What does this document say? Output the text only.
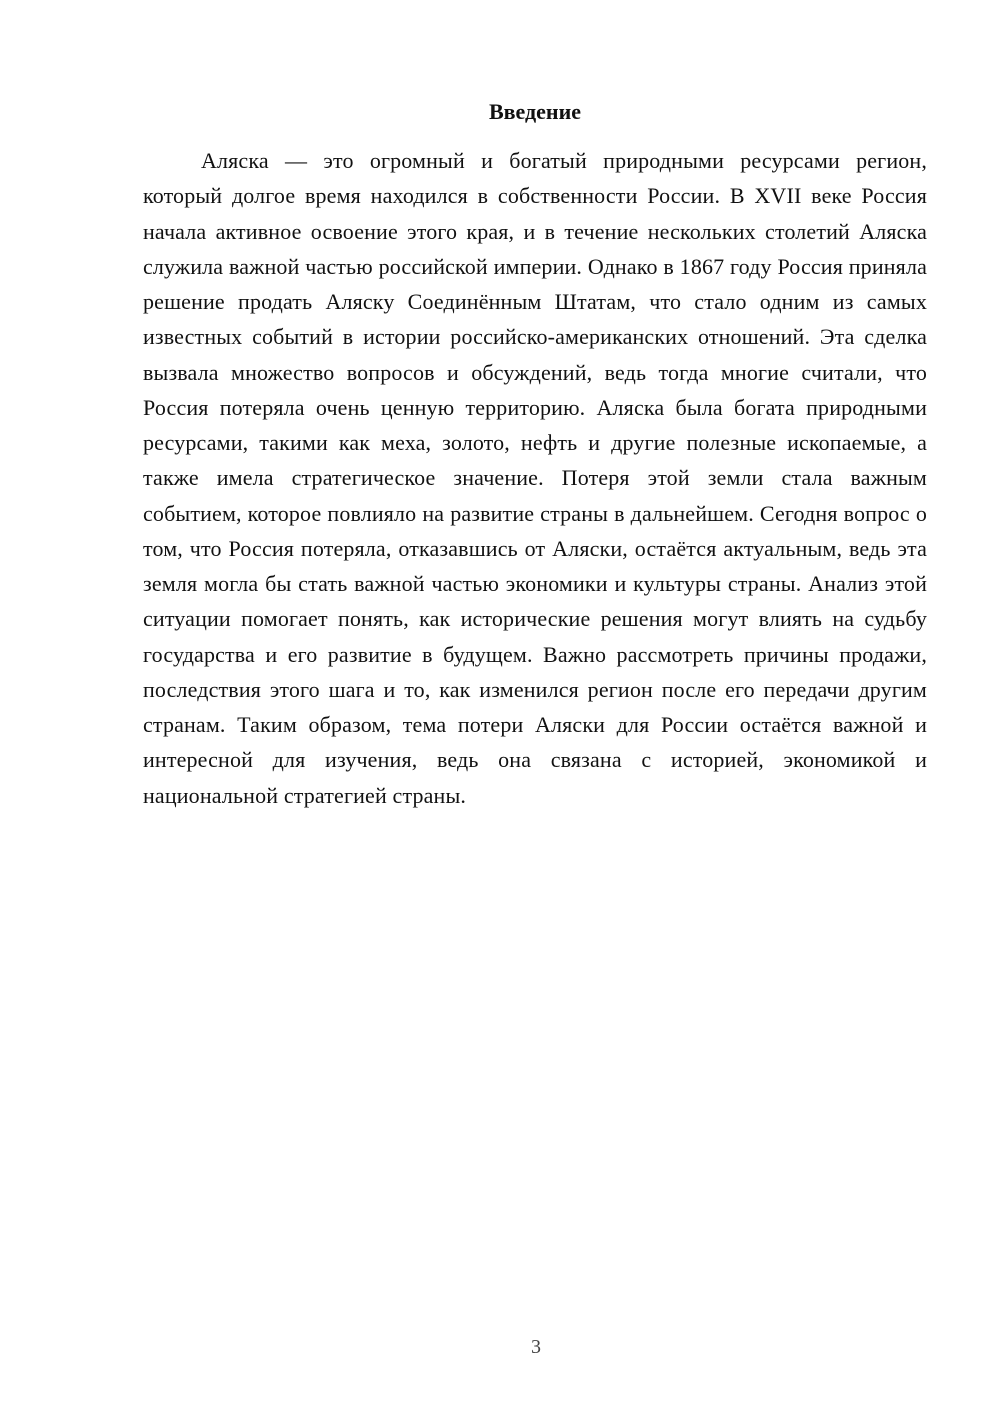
Введение

Аляска — это огромный и богатый природными ресурсами регион, который долгое время находился в собственности России. В XVII веке Россия начала активное освоение этого края, и в течение нескольких столетий Аляска служила важной частью российской империи. Однако в 1867 году Россия приняла решение продать Аляску Соединённым Штатам, что стало одним из самых известных событий в истории российско-американских отношений. Эта сделка вызвала множество вопросов и обсуждений, ведь тогда многие считали, что Россия потеряла очень ценную территорию. Аляска была богата природными ресурсами, такими как меха, золото, нефть и другие полезные ископаемые, а также имела стратегическое значение. Потеря этой земли стала важным событием, которое повлияло на развитие страны в дальнейшем. Сегодня вопрос о том, что Россия потеряла, отказавшись от Аляски, остаётся актуальным, ведь эта земля могла бы стать важной частью экономики и культуры страны. Анализ этой ситуации помогает понять, как исторические решения могут влиять на судьбу государства и его развитие в будущем. Важно рассмотреть причины продажи, последствия этого шага и то, как изменился регион после его передачи другим странам. Таким образом, тема потери Аляски для России остаётся важной и интересной для изучения, ведь она связана с историей, экономикой и национальной стратегией страны.

3
